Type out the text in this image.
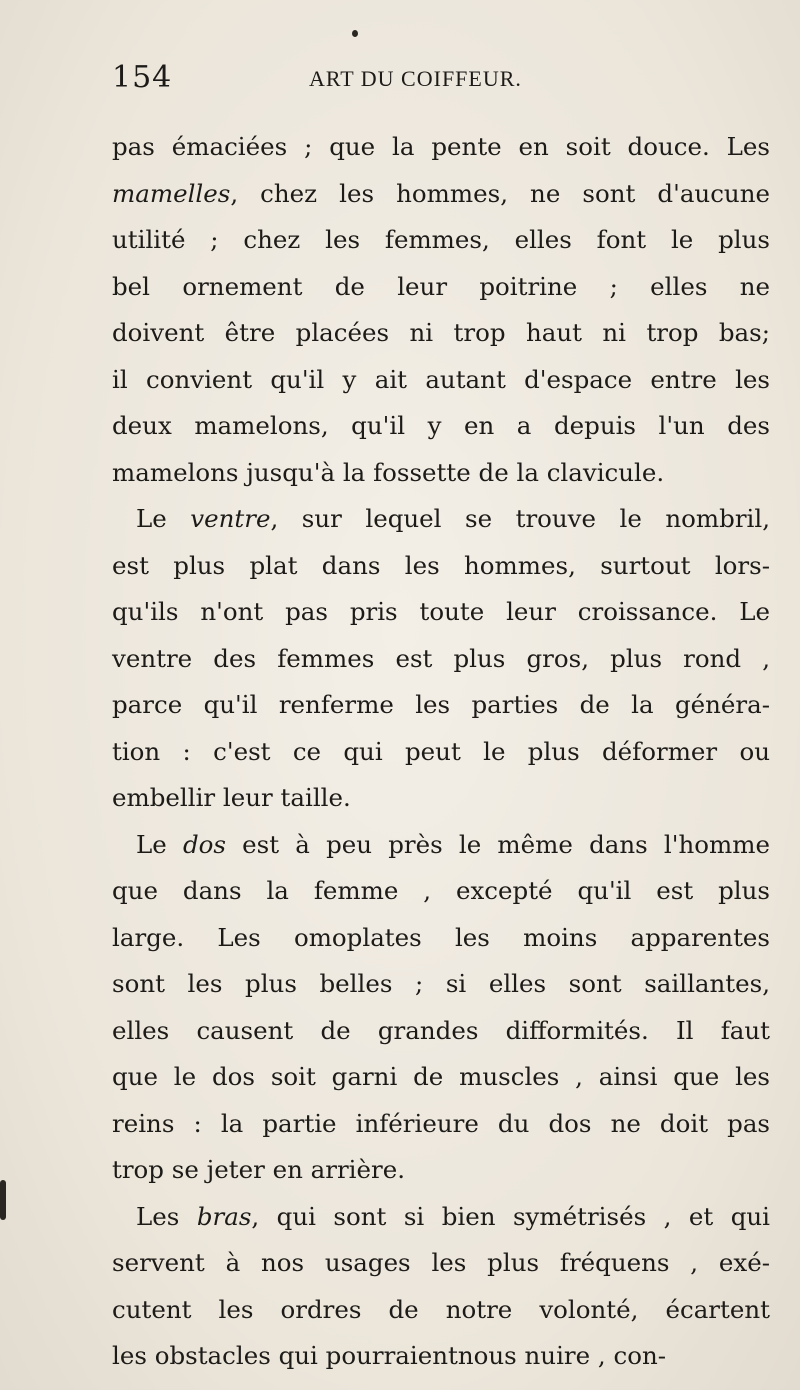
154	ART DU COIFFEUR.
pas émaciées ; que la pente en soit douce. Les
mamelles, chez les hommes, ne sont d'aucune
utilité ; chez les femmes, elles font le plus
bel ornement de leur poitrine ; elles ne
doivent être placées ni trop haut ni trop bas;
il convient qu'il y ait autant d'espace entre les
deux mamelons, qu'il y en a depuis l'un des
mamelons jusqu'à la fossette de la clavicule.
Le ventre, sur lequel se trouve le nombril,
est plus plat dans les hommes, surtout lors-
qu'ils n'ont pas pris toute leur croissance. Le
ventre des femmes est plus gros, plus rond ,
parce qu'il renferme les parties de la généra-
tion : c'est ce qui peut le plus déformer ou
embellir leur taille.
Le dos est à peu près le même dans l'homme
que dans la femme , excepté qu'il est plus
large. Les omoplates les moins apparentes
sont les plus belles ; si elles sont saillantes,
elles causent de grandes difformités. Il faut
que le dos soit garni de muscles , ainsi que les
reins : la partie inférieure du dos ne doit pas
trop se jeter en arrière.
Les bras, qui sont si bien symétrisés , et qui
servent à nos usages les plus fréquens , exé-
cutent les ordres de notre volonté, écartent
les obstacles qui pourraientnous nuire , con-
